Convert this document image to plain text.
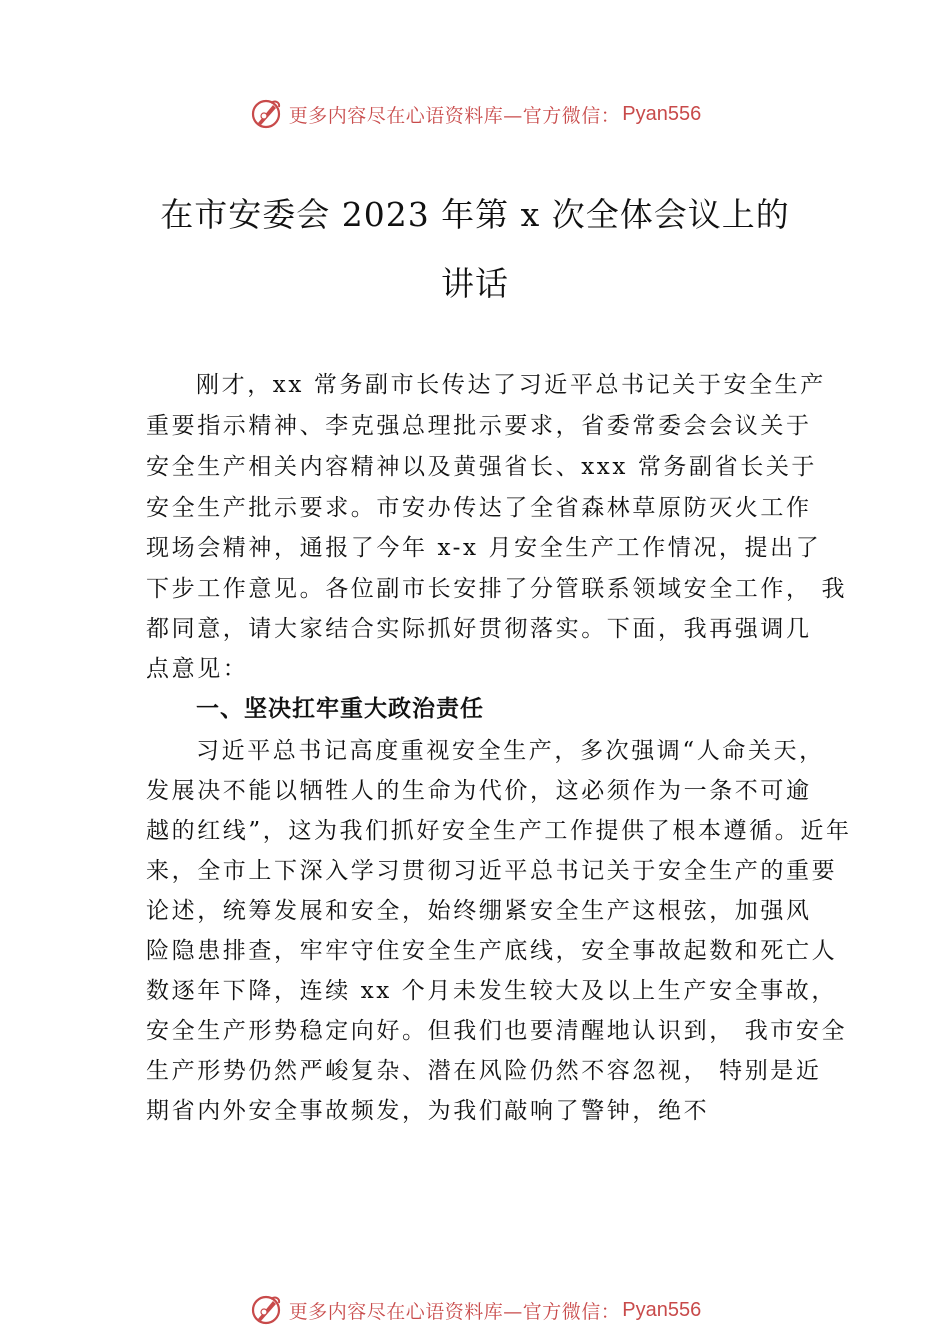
更多内容尽在心语资料库—官方微信： Pyan556
在市安委会 2023 年第 x 次全体会议上的
讲话
刚才，xx 常务副市长传达了习近平总书记关于安全生产
重要指示精神、李克强总理批示要求，省委常委会会议关于
安全生产相关内容精神以及黄强省长、xxx 常务副省长关于
安全生产批示要求。市安办传达了全省森林草原防灭火工作
现场会精神，通报了今年 x-x 月安全生产工作情况，提出了
下步工作意见。各位副市长安排了分管联系领域安全工作， 我
都同意，请大家结合实际抓好贯彻落实。下面，我再强调几
点意见：
一、坚决扛牢重大政治责任
习近平总书记高度重视安全生产，多次强调“人命关天，
发展决不能以牺牲人的生命为代价，这必须作为一条不可逾
越的红线”，这为我们抓好安全生产工作提供了根本遵循。近年
来，全市上下深入学习贯彻习近平总书记关于安全生产的重要
论述，统筹发展和安全，始终绷紧安全生产这根弦，加强风
险隐患排查，牢牢守住安全生产底线，安全事故起数和死亡人
数逐年下降，连续 xx 个月未发生较大及以上生产安全事故，
安全生产形势稳定向好。但我们也要清醒地认识到， 我市安全
生产形势仍然严峻复杂、潜在风险仍然不容忽视， 特别是近
期省内外安全事故频发，为我们敲响了警钟，绝不
更多内容尽在心语资料库—官方微信： Pyan556
